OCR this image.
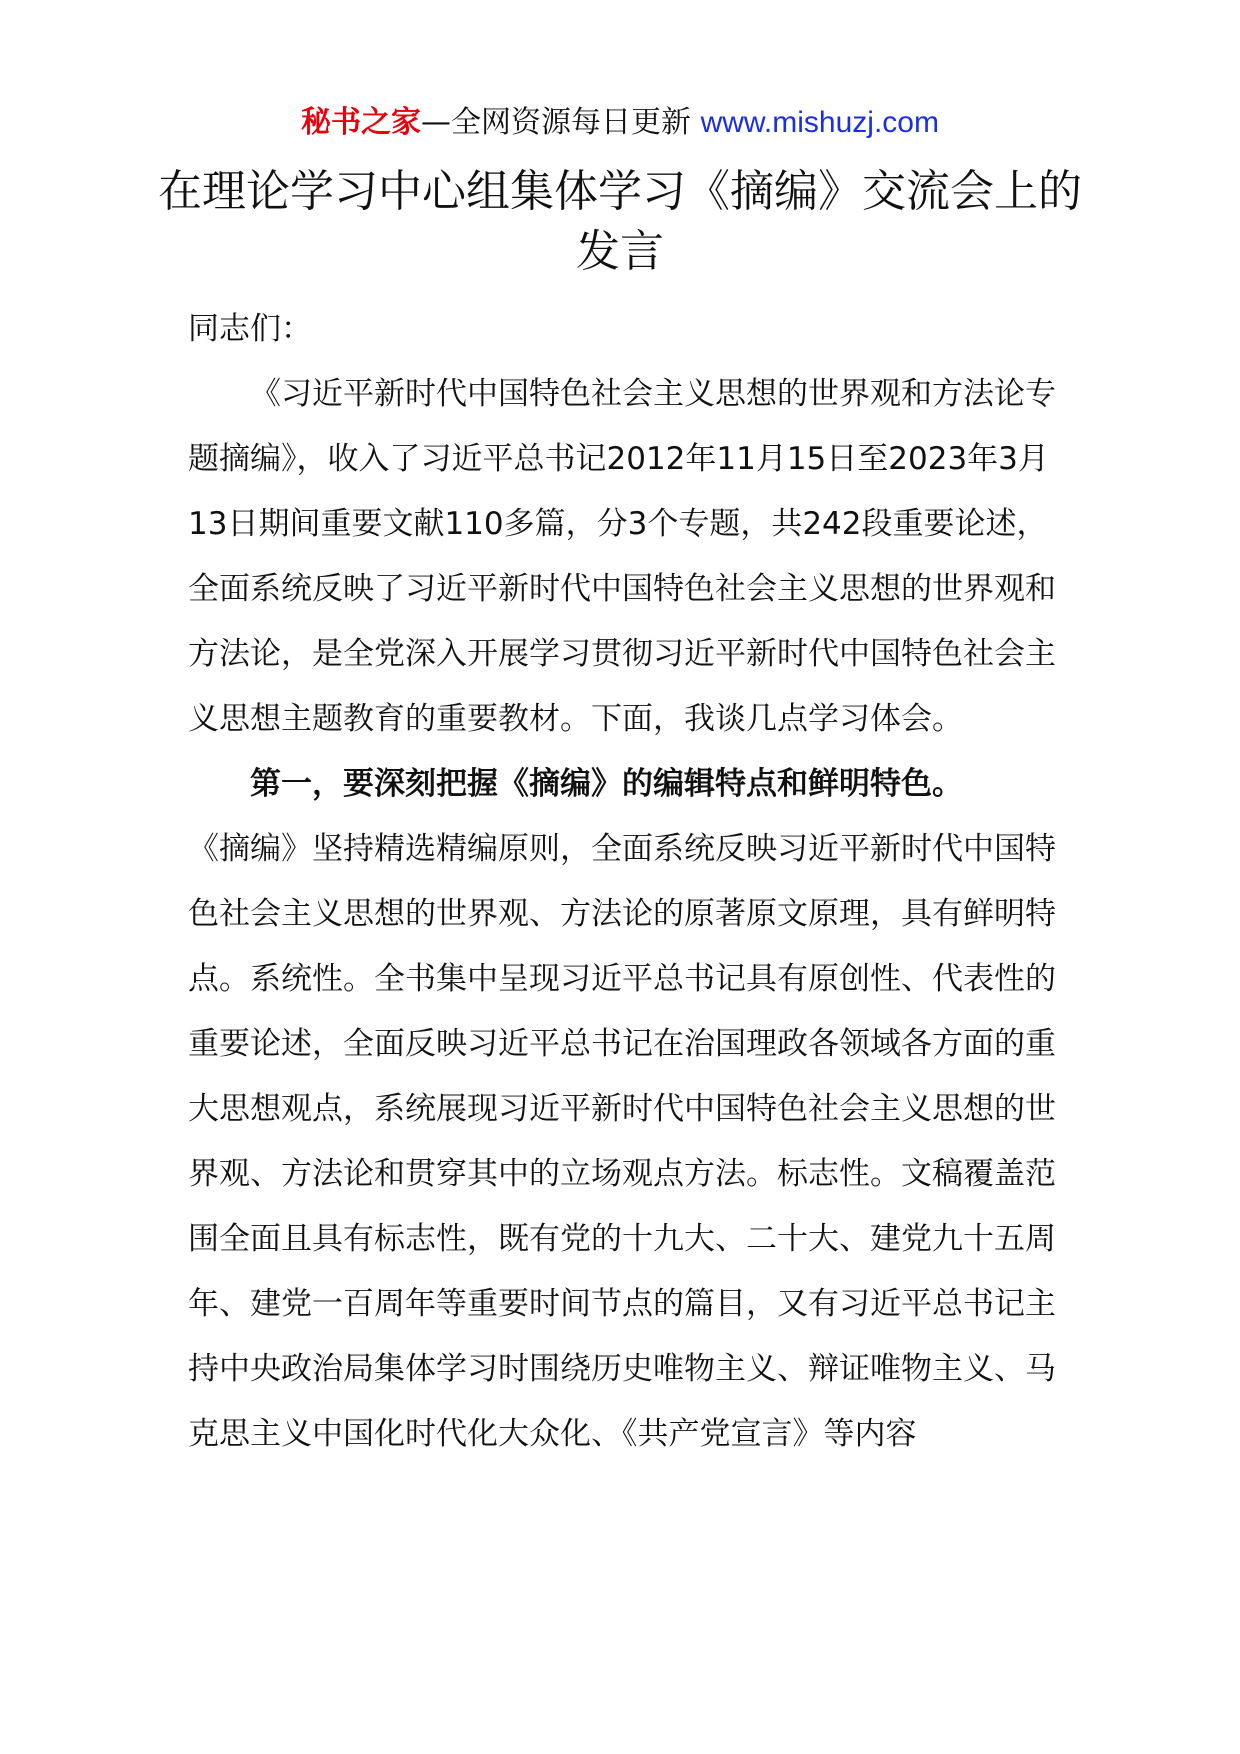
秘书之家—全网资源每日更新 www.mishuzj.com
在理论学习中心组集体学习《摘编》交流会上的发言

同志们：

《习近平新时代中国特色社会主义思想的世界观和方法论专题摘编》，收入了习近平总书记2012年11月15日至2023年3月13日期间重要文献110多篇，分3个专题，共242段重要论述，全面系统反映了习近平新时代中国特色社会主义思想的世界观和方法论，是全党深入开展学习贯彻习近平新时代中国特色社会主义思想主题教育的重要教材。下面，我谈几点学习体会。

第一，要深刻把握《摘编》的编辑特点和鲜明特色。

《摘编》坚持精选精编原则，全面系统反映习近平新时代中国特色社会主义思想的世界观、方法论的原著原文原理，具有鲜明特点。系统性。全书集中呈现习近平总书记具有原创性、代表性的重要论述，全面反映习近平总书记在治国理政各领域各方面的重大思想观点，系统展现习近平新时代中国特色社会主义思想的世界观、方法论和贯穿其中的立场观点方法。标志性。文稿覆盖范围全面且具有标志性，既有党的十九大、二十大、建党九十五周年、建党一百周年等重要时间节点的篇目，又有习近平总书记主持中央政治局集体学习时围绕历史唯物主义、辩证唯物主义、马克思主义中国化时代化大众化、《共产党宣言》等内容
